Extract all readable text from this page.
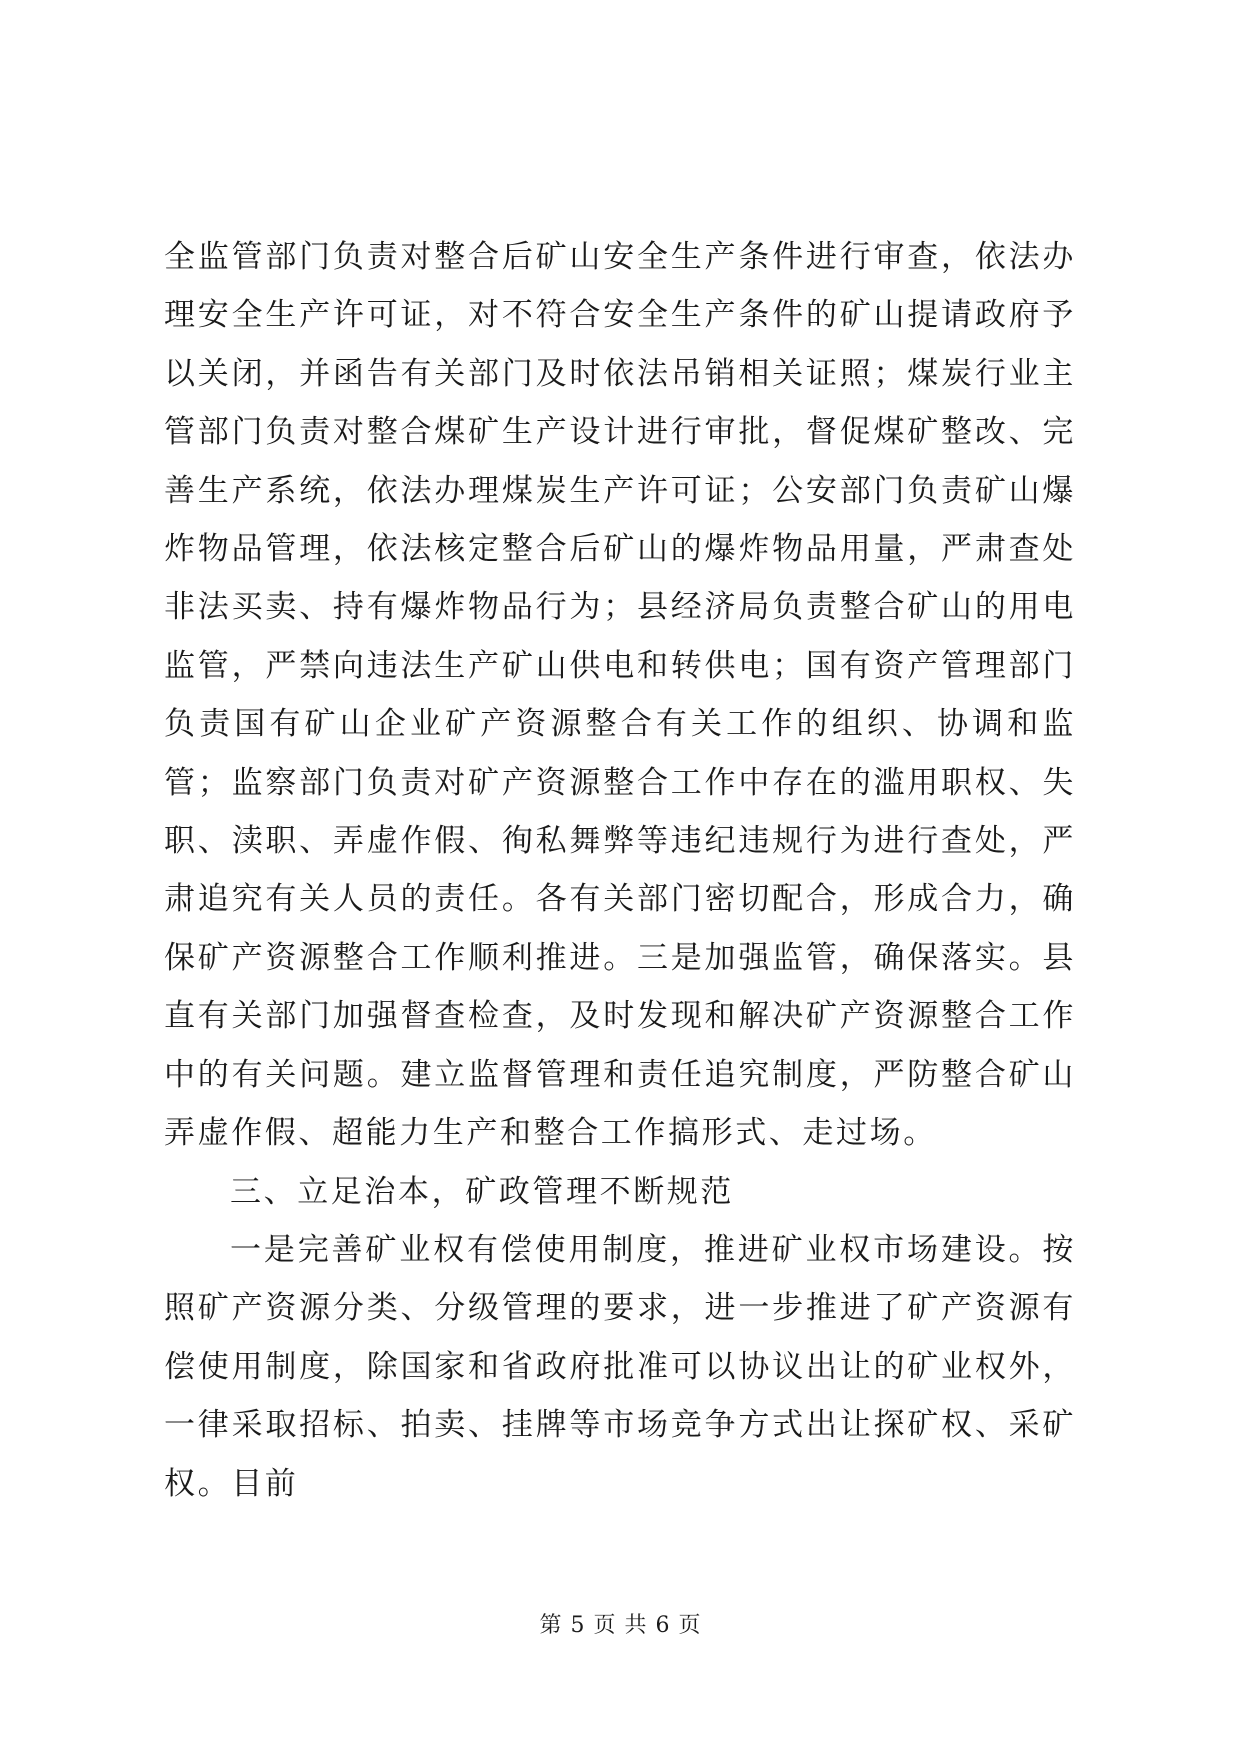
全监管部门负责对整合后矿山安全生产条件进行审查，依法办理安全生产许可证，对不符合安全生产条件的矿山提请政府予以关闭，并函告有关部门及时依法吊销相关证照；煤炭行业主管部门负责对整合煤矿生产设计进行审批，督促煤矿整改、完善生产系统，依法办理煤炭生产许可证；公安部门负责矿山爆炸物品管理，依法核定整合后矿山的爆炸物品用量，严肃查处非法买卖、持有爆炸物品行为；县经济局负责整合矿山的用电监管，严禁向违法生产矿山供电和转供电；国有资产管理部门负责国有矿山企业矿产资源整合有关工作的组织、协调和监管；监察部门负责对矿产资源整合工作中存在的滥用职权、失职、渎职、弄虚作假、徇私舞弊等违纪违规行为进行查处，严肃追究有关人员的责任。各有关部门密切配合，形成合力，确保矿产资源整合工作顺利推进。三是加强监管，确保落实。县直有关部门加强督查检查，及时发现和解决矿产资源整合工作中的有关问题。建立监督管理和责任追究制度，严防整合矿山弄虚作假、超能力生产和整合工作搞形式、走过场。

三、立足治本，矿政管理不断规范

一是完善矿业权有偿使用制度，推进矿业权市场建设。按照矿产资源分类、分级管理的要求，进一步推进了矿产资源有偿使用制度，除国家和省政府批准可以协议出让的矿业权外，一律采取招标、拍卖、挂牌等市场竞争方式出让探矿权、采矿权。目前

第 5 页 共 6 页
